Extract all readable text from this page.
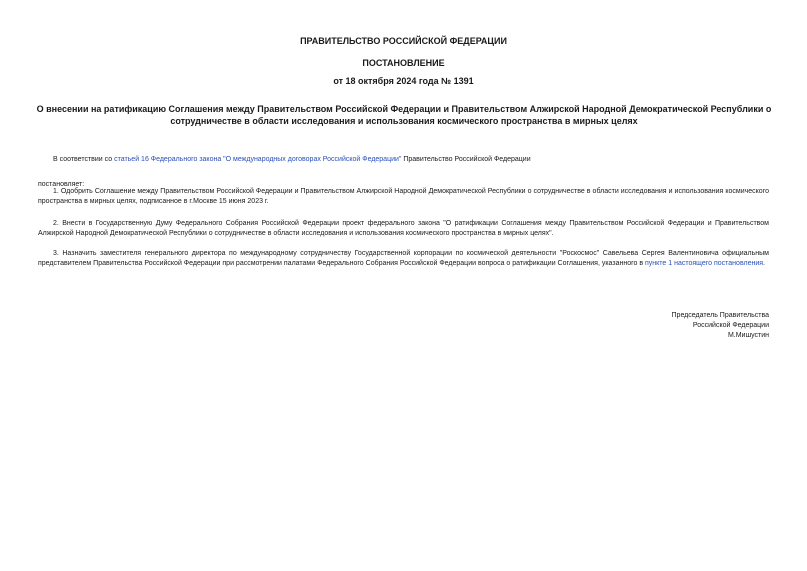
ПРАВИТЕЛЬСТВО РОССИЙСКОЙ ФЕДЕРАЦИИ
ПОСТАНОВЛЕНИЕ
от 18 октября 2024 года № 1391
О внесении на ратификацию Соглашения между Правительством Российской Федерации и Правительством Алжирской Народной Демократической Республики о сотрудничестве в области исследования и использования космического пространства в мирных целях
В соответствии со статьей 16 Федерального закона "О международных договорах Российской Федерации" Правительство Российской Федерации
постановляет:
1. Одобрить Соглашение между Правительством Российской Федерации и Правительством Алжирской Народной Демократической Республики о сотрудничестве в области исследования и использования космического пространства в мирных целях, подписанное в г.Москве 15 июня 2023 г.
2. Внести в Государственную Думу Федерального Собрания Российской Федерации проект федерального закона "О ратификации Соглашения между Правительством Российской Федерации и Правительством Алжирской Народной Демократической Республики о сотрудничестве в области исследования и использования космического пространства в мирных целях".
3. Назначить заместителя генерального директора по международному сотрудничеству Государственной корпорации по космической деятельности "Роскосмос" Савельева Сергея Валентиновича официальным представителем Правительства Российской Федерации при рассмотрении палатами Федерального Собрания Российской Федерации вопроса о ратификации Соглашения, указанного в пункте 1 настоящего постановления.
Председатель Правительства
Российской Федерации
М.Мишустин
